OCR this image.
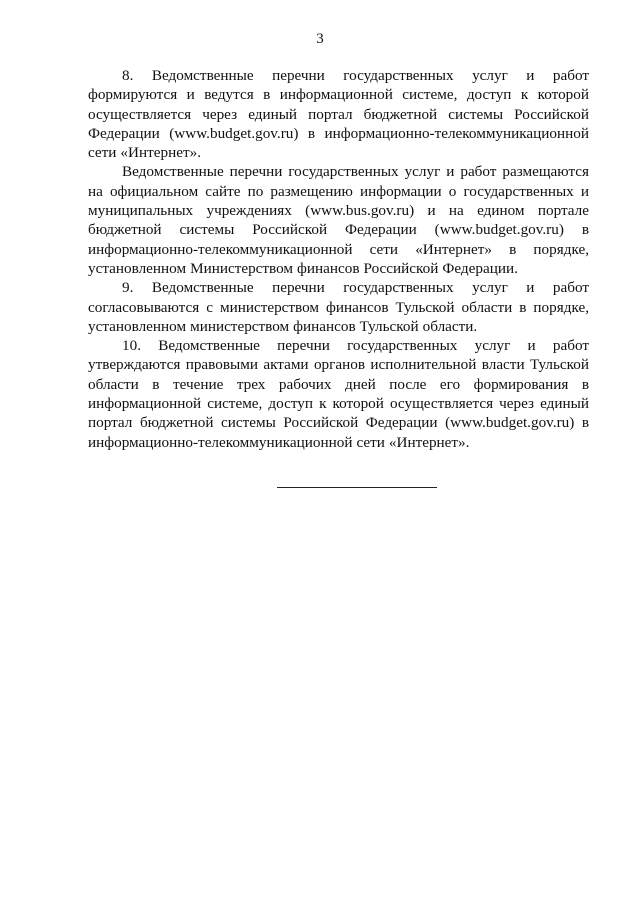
3

8. Ведомственные перечни государственных услуг и работ формируются и ведутся в информационной системе, доступ к которой осуществляется через единый портал бюджетной системы Российской Федерации (www.budget.gov.ru) в информационно-телекоммуникационной сети «Интернет».

Ведомственные перечни государственных услуг и работ размещаются на официальном сайте по размещению информации о государственных и муниципальных учреждениях (www.bus.gov.ru) и на едином портале бюджетной системы Российской Федерации (www.budget.gov.ru) в информационно-телекоммуникационной сети «Интернет» в порядке, установленном Министерством финансов Российской Федерации.

9. Ведомственные перечни государственных услуг и работ согласовываются с министерством финансов Тульской области в порядке, установленном министерством финансов Тульской области.

10. Ведомственные перечни государственных услуг и работ утверждаются правовыми актами органов исполнительной власти Тульской области в течение трех рабочих дней после его формирования в информационной системе, доступ к которой осуществляется через единый портал бюджетной системы Российской Федерации (www.budget.gov.ru) в информационно-телекоммуникационной сети «Интернет».
